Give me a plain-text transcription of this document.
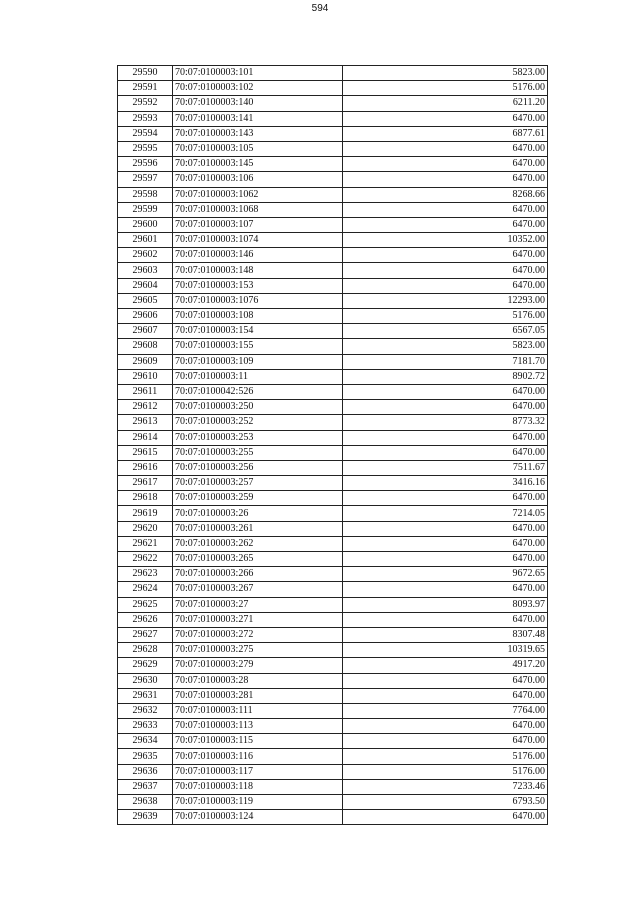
594
29590	70:07:0100003:101	5823.00
29591	70:07:0100003:102	5176.00
29592	70:07:0100003:140	6211.20
29593	70:07:0100003:141	6470.00
29594	70:07:0100003:143	6877.61
29595	70:07:0100003:105	6470.00
29596	70:07:0100003:145	6470.00
29597	70:07:0100003:106	6470.00
29598	70:07:0100003:1062	8268.66
29599	70:07:0100003:1068	6470.00
29600	70:07:0100003:107	6470.00
29601	70:07:0100003:1074	10352.00
29602	70:07:0100003:146	6470.00
29603	70:07:0100003:148	6470.00
29604	70:07:0100003:153	6470.00
29605	70:07:0100003:1076	12293.00
29606	70:07:0100003:108	5176.00
29607	70:07:0100003:154	6567.05
29608	70:07:0100003:155	5823.00
29609	70:07:0100003:109	7181.70
29610	70:07:0100003:11	8902.72
29611	70:07:0100042:526	6470.00
29612	70:07:0100003:250	6470.00
29613	70:07:0100003:252	8773.32
29614	70:07:0100003:253	6470.00
29615	70:07:0100003:255	6470.00
29616	70:07:0100003:256	7511.67
29617	70:07:0100003:257	3416.16
29618	70:07:0100003:259	6470.00
29619	70:07:0100003:26	7214.05
29620	70:07:0100003:261	6470.00
29621	70:07:0100003:262	6470.00
29622	70:07:0100003:265	6470.00
29623	70:07:0100003:266	9672.65
29624	70:07:0100003:267	6470.00
29625	70:07:0100003:27	8093.97
29626	70:07:0100003:271	6470.00
29627	70:07:0100003:272	8307.48
29628	70:07:0100003:275	10319.65
29629	70:07:0100003:279	4917.20
29630	70:07:0100003:28	6470.00
29631	70:07:0100003:281	6470.00
29632	70:07:0100003:111	7764.00
29633	70:07:0100003:113	6470.00
29634	70:07:0100003:115	6470.00
29635	70:07:0100003:116	5176.00
29636	70:07:0100003:117	5176.00
29637	70:07:0100003:118	7233.46
29638	70:07:0100003:119	6793.50
29639	70:07:0100003:124	6470.00
